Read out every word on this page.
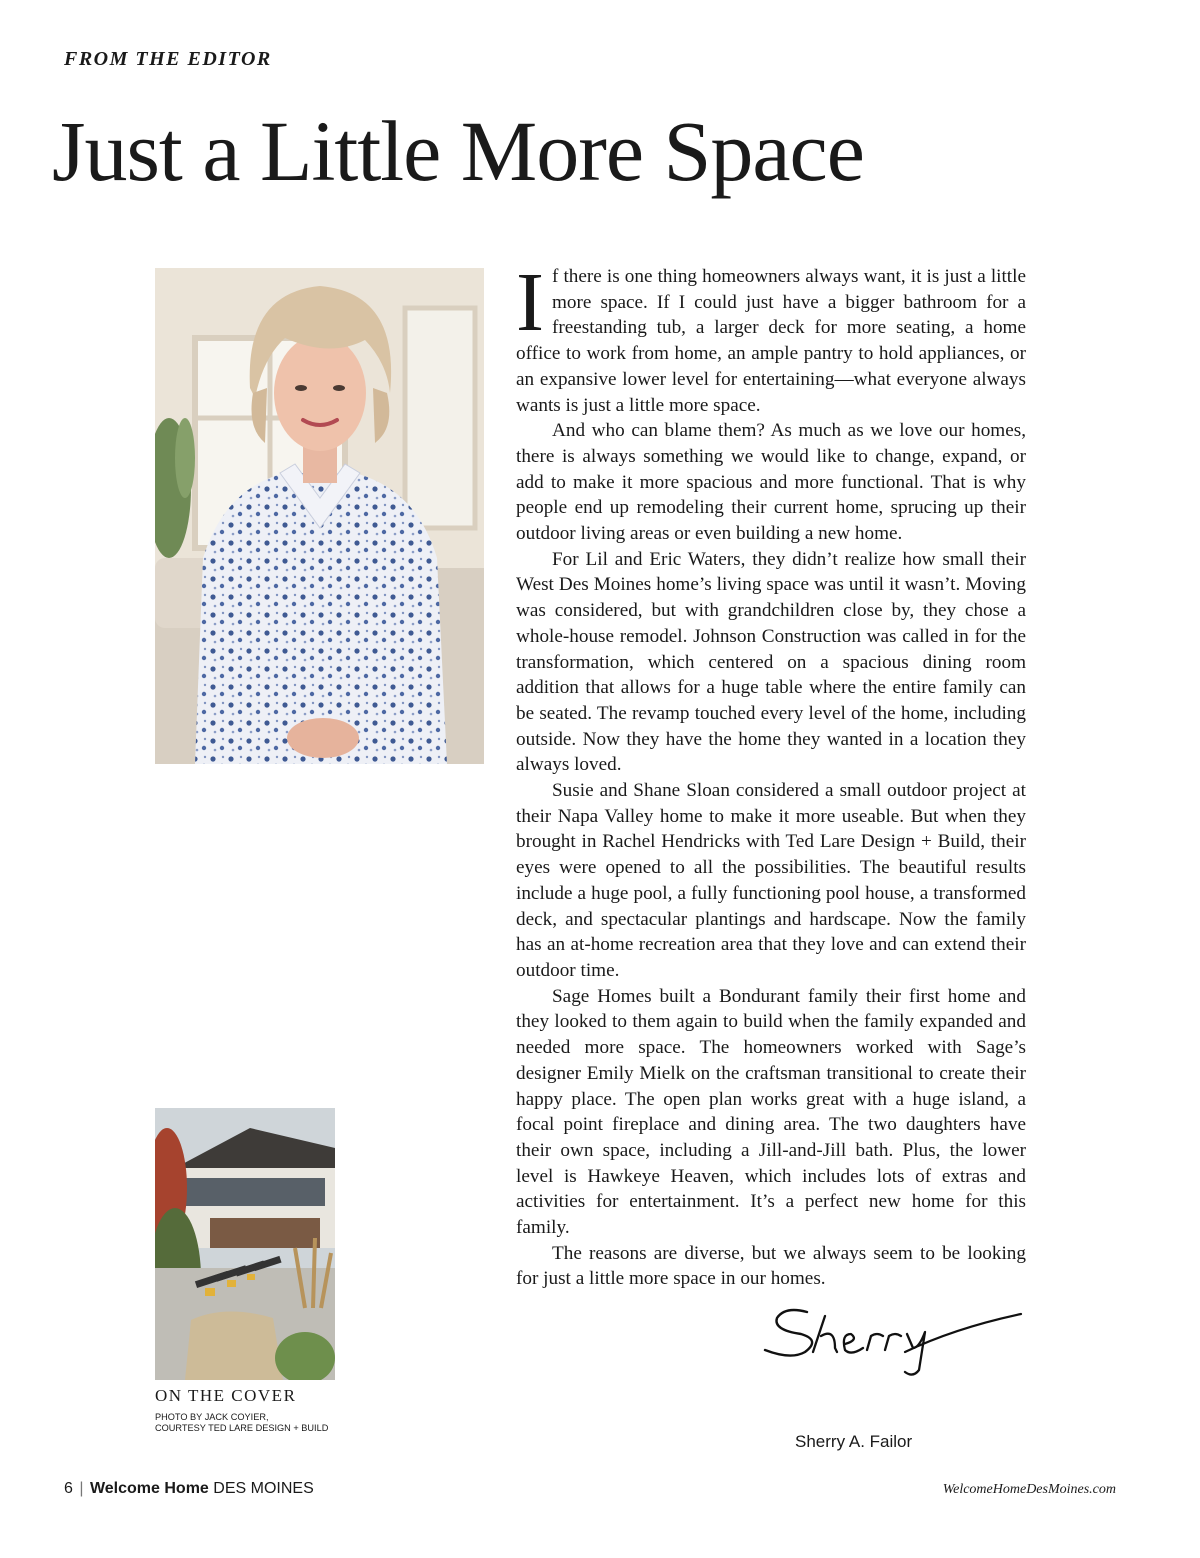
FROM THE EDITOR
Just a Little More Space

If there is one thing homeowners always want, it is just a little more space. If I could just have a bigger bathroom for a freestanding tub, a larger deck for more seating, a home office to work from home, an ample pantry to hold appliances, or an expansive lower level for entertaining—what everyone always wants is just a little more space.

And who can blame them? As much as we love our homes, there is always something we would like to change, expand, or add to make it more spacious and more functional. That is why people end up remodeling their current home, sprucing up their outdoor living areas or even building a new home.

For Lil and Eric Waters, they didn’t realize how small their West Des Moines home’s living space was until it wasn’t. Moving was considered, but with grandchildren close by, they chose a whole-house remodel. Johnson Construction was called in for the transformation, which centered on a spacious dining room addition that allows for a huge table where the entire family can be seated. The revamp touched every level of the home, including outside. Now they have the home they wanted in a location they always loved.

Susie and Shane Sloan considered a small outdoor project at their Napa Valley home to make it more useable. But when they brought in Rachel Hendricks with Ted Lare Design + Build, their eyes were opened to all the possibilities. The beautiful results include a huge pool, a fully functioning pool house, a transformed deck, and spectacular plantings and hardscape. Now the family has an at-home recreation area that they love and can extend their outdoor time.

Sage Homes built a Bondurant family their first home and they looked to them again to build when the family expanded and needed more space. The homeowners worked with Sage’s designer Emily Mielk on the craftsman transitional to create their happy place. The open plan works great with a huge island, a focal point fireplace and dining area. The two daughters have their own space, including a Jill-and-Jill bath. Plus, the lower level is Hawkeye Heaven, which includes lots of extras and activities for entertainment. It’s a perfect new home for this family.

The reasons are diverse, but we always seem to be looking for just a little more space in our homes.

ON THE COVER
PHOTO BY JACK COYIER,
COURTESY TED LARE DESIGN + BUILD
Sherry A. Failor
6 | Welcome Home DES MOINES	WelcomeHomeDesMoines.com
